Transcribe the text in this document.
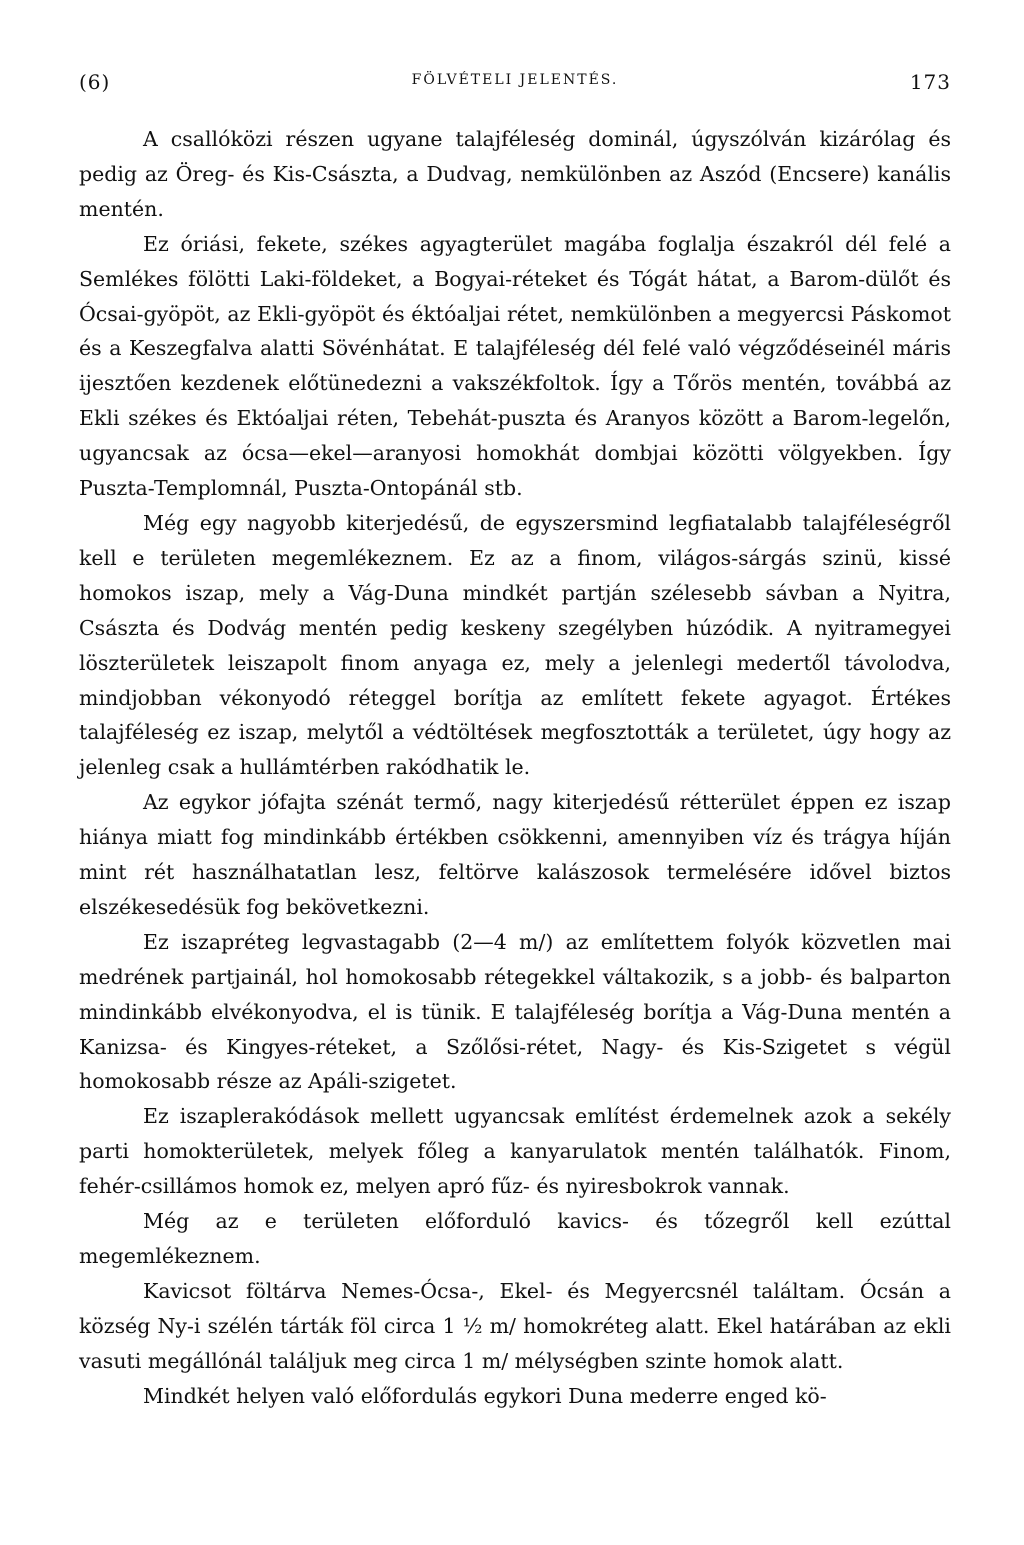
(6)	FÖLVÉTELI JELENTÉS.	173

A csallóközi részen ugyane talajféleség dominál, úgyszólván kizárólag és pedig az Öreg- és Kis-Császta, a Dudvag, nemkülönben az Aszód (Encsere) kanális mentén.

Ez óriási, fekete, székes agyagterület magába foglalja északról dél felé a Semlékes fölötti Laki-földeket, a Bogyai-réteket és Tógát hátat, a Barom-dülőt és Ócsai-gyöpöt, az Ekli-gyöpöt és éktóaljai rétet, nemkülönben a megyercsi Páskomot és a Keszegfalva alatti Sövénhátat. E talajféleség dél felé való végződéseinél máris ijesztően kezdenek előtünedezni a vakszékfoltok. Így a Tőrös mentén, továbbá az Ekli székes és Ektóaljai réten, Tebehát-puszta és Aranyos között a Barom-legelőn, ugyancsak az ócsa—ekel—aranyosi homokhát dombjai közötti völgyekben. Így Puszta-Templomnál, Puszta-Ontopánál stb.

Még egy nagyobb kiterjedésű, de egyszersmind legfiatalabb talajféleségről kell e területen megemlékeznem. Ez az a finom, világos-sárgás szinü, kissé homokos iszap, mely a Vág-Duna mindkét partján szélesebb sávban a Nyitra, Császta és Dodvág mentén pedig keskeny szegélyben húzódik. A nyitramegyei löszterületek leiszapolt finom anyaga ez, mely a jelenlegi medertől távolodva, mindjobban vékonyodó réteggel borítja az említett fekete agyagot. Értékes talajféleség ez iszap, melytől a védtöltések megfosztották a területet, úgy hogy az jelenleg csak a hullámtérben rakódhatik le.

Az egykor jófajta szénát termő, nagy kiterjedésű rétterület éppen ez iszap hiánya miatt fog mindinkább értékben csökkenni, amennyiben víz és trágya híján mint rét használhatatlan lesz, feltörve kalászosok termelésére idővel biztos elszékesedésük fog bekövetkezni.

Ez iszapréteg legvastagabb (2—4 m/) az említettem folyók közvetlen mai medrének partjainál, hol homokosabb rétegekkel váltakozik, s a jobb- és balparton mindinkább elvékonyodva, el is tünik. E talajféleség borítja a Vág-Duna mentén a Kanizsa- és Kingyes-réteket, a Szőlősi-rétet, Nagy- és Kis-Szigetet s végül homokosabb része az Apáli-szigetet.

Ez iszaplerakódások mellett ugyancsak említést érdemelnek azok a sekély parti homokterületek, melyek főleg a kanyarulatok mentén találhatók. Finom, fehér-csillámos homok ez, melyen apró fűz- és nyiresbokrok vannak.

Még az e területen előforduló kavics- és tőzegről kell ezúttal megemlékeznem.

Kavicsot föltárva Nemes-Ócsa-, Ekel- és Megyercsnél találtam. Ócsán a község Ny-i szélén tárták föl circa 1 ½ m/ homokréteg alatt. Ekel határában az ekli vasuti megállónál találjuk meg circa 1 m/ mélységben szinte homok alatt.

Mindkét helyen való előfordulás egykori Duna mederre enged kö-
